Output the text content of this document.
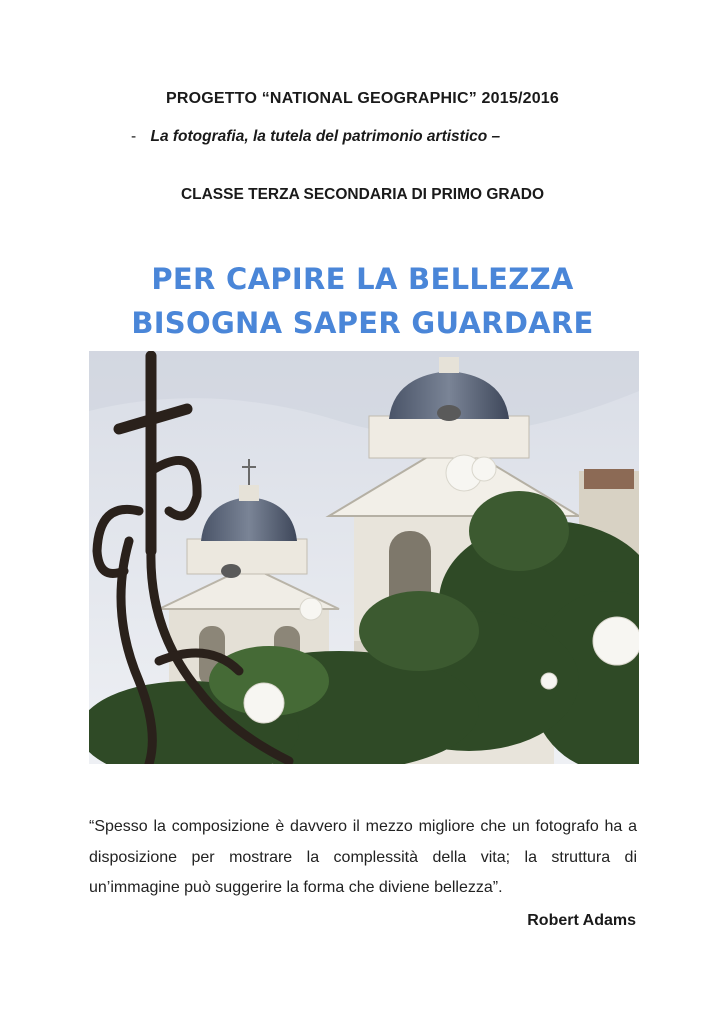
PROGETTO “NATIONAL GEOGRAPHIC” 2015/2016
- La fotografia, la tutela del patrimonio artistico –
CLASSE TERZA SECONDARIA DI PRIMO GRADO
PER CAPIRE LA BELLEZZA
BISOGNA SAPER GUARDARE
“Spesso la composizione è davvero il mezzo migliore che un fotografo ha a disposizione per mostrare la complessità della vita; la struttura di un’immagine può suggerire la forma che diviene bellezza”.
Robert Adams
